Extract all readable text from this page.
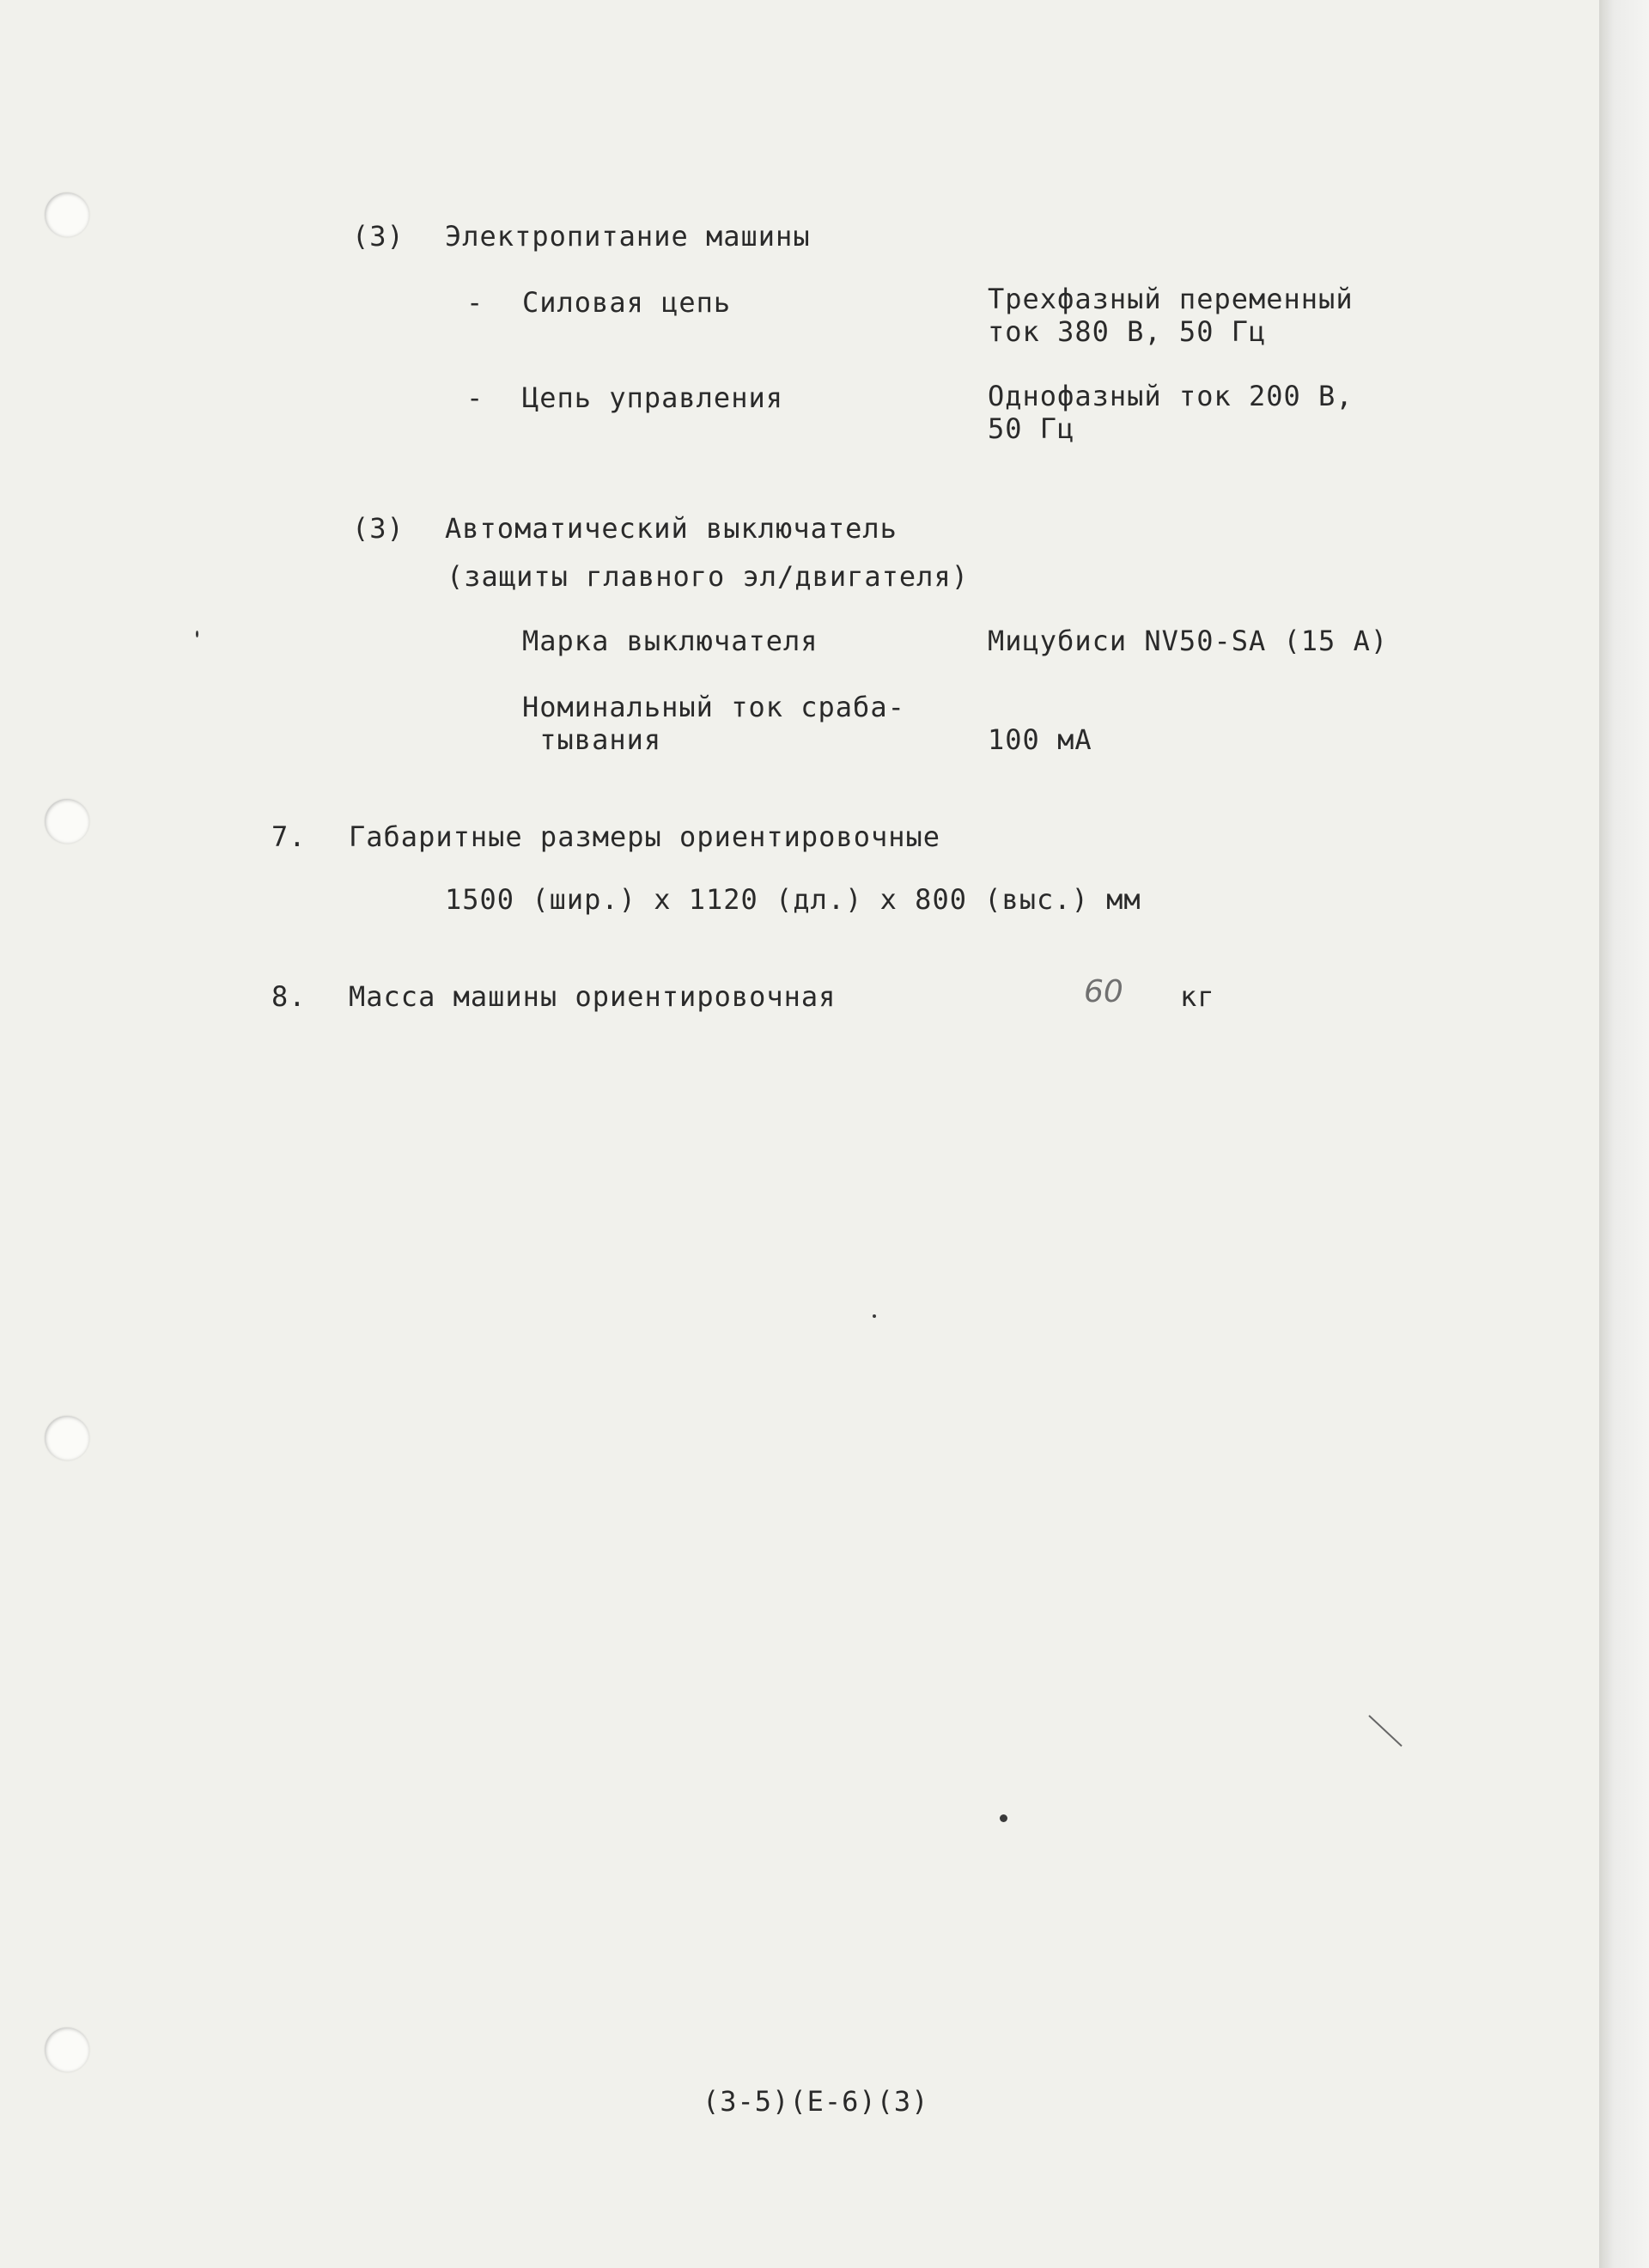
(3) Электропитание машины
- Силовая цепь	Трехфазный переменный
ток 380 В, 50 Гц
- Цепь управления	Однофазный ток 200 В,
50 Гц
(3) Автоматический выключатель
(защиты главного эл/двигателя)
Марка выключателя	Мицубиси NV50-SA (15 А)
Номинальный ток сраба-
тывания	100 мА
7. Габаритные размеры ориентировочные
1500 (шир.) х 1120 (дл.) х 800 (выс.) мм
8. Масса машины ориентировочная	60 кг
(3-5)(Е-6)(3)
